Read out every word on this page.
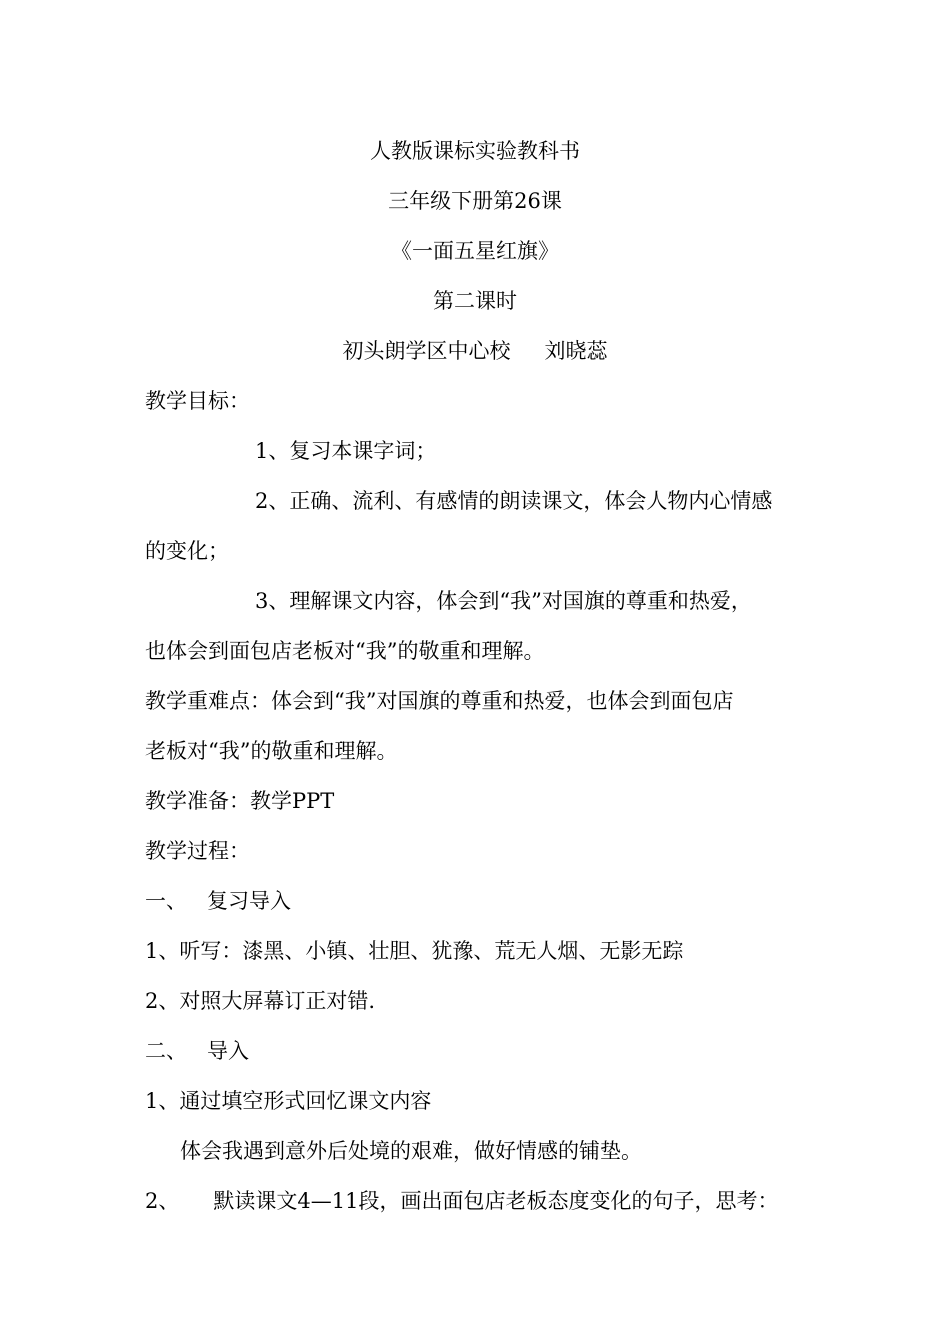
人教版课标实验教科书
三年级下册第26课
《一面五星红旗》
第二课时
初头朗学区中心校 刘晓蕊
教学目标：
1、复习本课字词；
2、正确、流利、有感情的朗读课文，体会人物内心情感
的变化；
3、理解课文内容，体会到“我”对国旗的尊重和热爱，
也体会到面包店老板对“我”的敬重和理解。
教学重难点：体会到“我”对国旗的尊重和热爱，也体会到面包店
老板对“我”的敬重和理解。
教学准备：教学PPT
教学过程：
一、 复习导入
1、听写：漆黑、小镇、壮胆、犹豫、荒无人烟、无影无踪
2、对照大屏幕订正对错.
二、 导入
1、通过填空形式回忆课文内容
体会我遇到意外后处境的艰难，做好情感的铺垫。
2、 默读课文4—11段，画出面包店老板态度变化的句子，思考：
